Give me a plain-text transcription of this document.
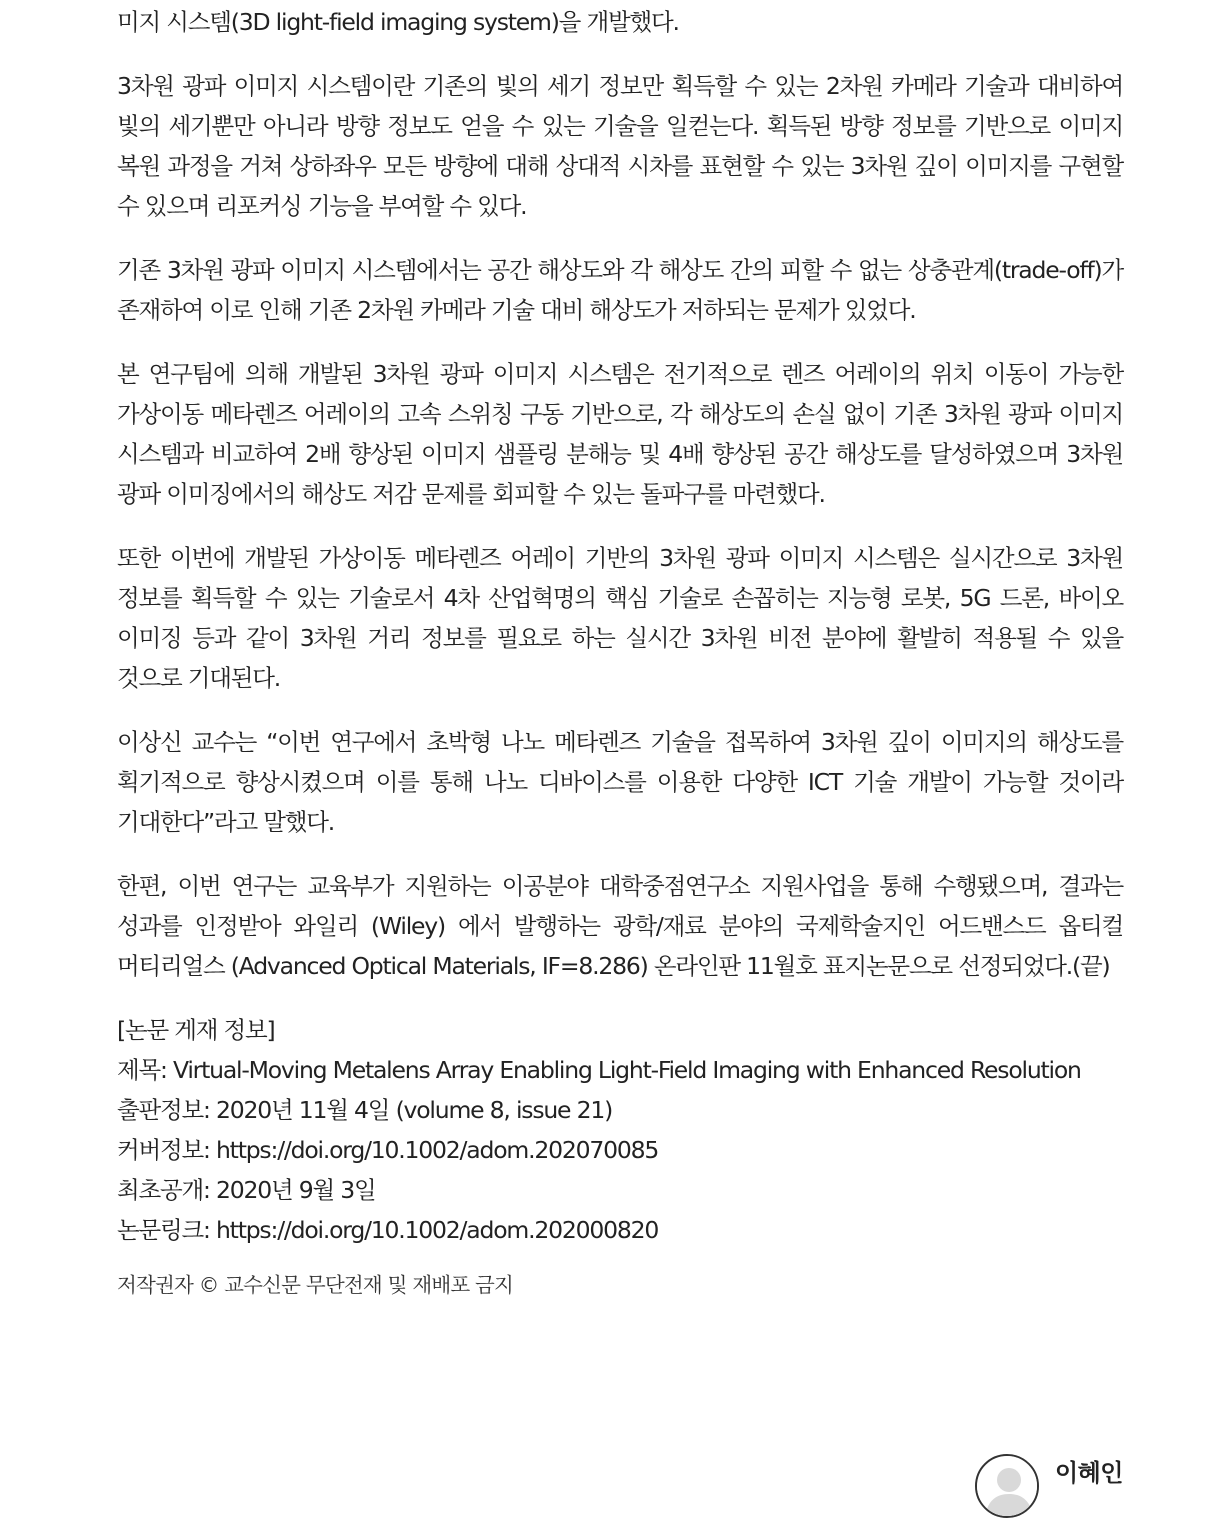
미지 시스템(3D light-field imaging system)을 개발했다.

3차원 광파 이미지 시스템이란 기존의 빛의 세기 정보만 획득할 수 있는 2차원 카메라 기술과 대비하여 빛의 세기뿐만 아니라 방향 정보도 얻을 수 있는 기술을 일컫는다. 획득된 방향 정보를 기반으로 이미지 복원 과정을 거쳐 상하좌우 모든 방향에 대해 상대적 시차를 표현할 수 있는 3차원 깊이 이미지를 구현할 수 있으며 리포커싱 기능을 부여할 수 있다.

기존 3차원 광파 이미지 시스템에서는 공간 해상도와 각 해상도 간의 피할 수 없는 상충관계(trade-off)가 존재하여 이로 인해 기존 2차원 카메라 기술 대비 해상도가 저하되는 문제가 있었다.

본 연구팀에 의해 개발된 3차원 광파 이미지 시스템은 전기적으로 렌즈 어레이의 위치 이동이 가능한 가상이동 메타렌즈 어레이의 고속 스위칭 구동 기반으로, 각 해상도의 손실 없이 기존 3차원 광파 이미지 시스템과 비교하여 2배 향상된 이미지 샘플링 분해능 및 4배 향상된 공간 해상도를 달성하였으며 3차원 광파 이미징에서의 해상도 저감 문제를 회피할 수 있는 돌파구를 마련했다.

또한 이번에 개발된 가상이동 메타렌즈 어레이 기반의 3차원 광파 이미지 시스템은 실시간으로 3차원 정보를 획득할 수 있는 기술로서 4차 산업혁명의 핵심 기술로 손꼽히는 지능형 로봇, 5G 드론, 바이오 이미징 등과 같이 3차원 거리 정보를 필요로 하는 실시간 3차원 비전 분야에 활발히 적용될 수 있을 것으로 기대된다.

이상신 교수는 “이번 연구에서 초박형 나노 메타렌즈 기술을 접목하여 3차원 깊이 이미지의 해상도를 획기적으로 향상시켰으며 이를 통해 나노 디바이스를 이용한 다양한 ICT 기술 개발이 가능할 것이라 기대한다”라고 말했다.

한편, 이번 연구는 교육부가 지원하는 이공분야 대학중점연구소 지원사업을 통해 수행됐으며, 결과는 성과를 인정받아 와일리 (Wiley) 에서 발행하는 광학/재료 분야의 국제학술지인 어드밴스드 옵티컬 머티리얼스 (Advanced Optical Materials, IF=8.286) 온라인판 11월호 표지논문으로 선정되었다.(끝)

[논문 게재 정보]
제목: Virtual-Moving Metalens Array Enabling Light-Field Imaging with Enhanced Resolution
출판정보: 2020년 11월 4일 (volume 8, issue 21)
커버정보: https://doi.org/10.1002/adom.202070085
최초공개: 2020년 9월 3일
논문링크: https://doi.org/10.1002/adom.202000820
저작권자 © 교수신문 무단전재 및 재배포 금지
이혜인
